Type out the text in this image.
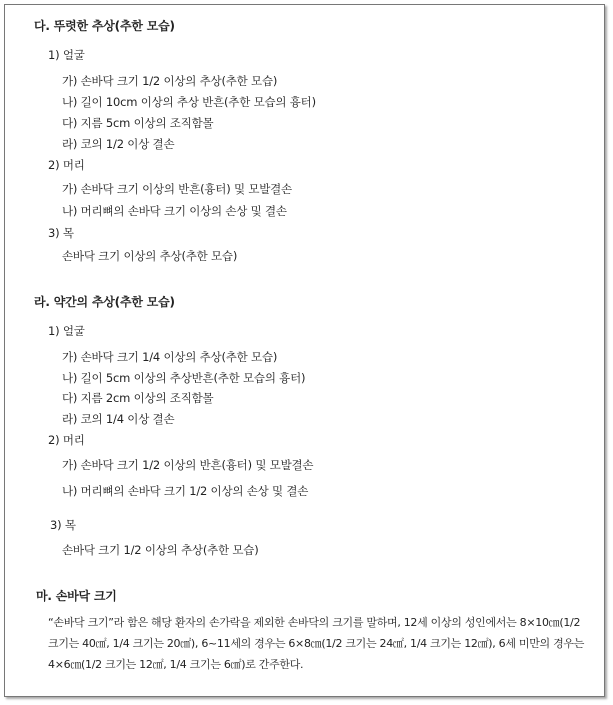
다. 뚜렷한 추상(추한 모습)
1) 얼굴
가) 손바닥 크기 1/2 이상의 추상(추한 모습)
나) 길이 10cm 이상의 추상 반흔(추한 모습의 흉터)
다) 지름 5cm 이상의 조직함몰
라) 코의 1/2 이상 결손
2) 머리
가) 손바닥 크기 이상의 반흔(흉터) 및 모발결손
나) 머리뼈의 손바닥 크기 이상의 손상 및 결손
3) 목
손바닥 크기 이상의 추상(추한 모습)
라. 약간의 추상(추한 모습)
1) 얼굴
가) 손바닥 크기 1/4 이상의 추상(추한 모습)
나) 길이 5cm 이상의 추상반흔(추한 모습의 흉터)
다) 지름 2cm 이상의 조직함몰
라) 코의 1/4 이상 결손
2) 머리
가) 손바닥 크기 1/2 이상의 반흔(흉터) 및 모발결손
나) 머리뼈의 손바닥 크기 1/2 이상의 손상 및 결손
3) 목
손바닥 크기 1/2 이상의 추상(추한 모습)
마. 손바닥 크기
“손바닥 크기”라 함은 해당 환자의 손가락을 제외한 손바닥의 크기를 말하며, 12세 이상의 성인에서는 8×10㎝(1/2 크기는 40㎠, 1/4 크기는 20㎠), 6~11세의 경우는 6×8㎝(1/2 크기는 24㎠, 1/4 크기는 12㎠), 6세 미만의 경우는 4×6㎝(1/2 크기는 12㎠, 1/4 크기는 6㎠)로 간주한다.
